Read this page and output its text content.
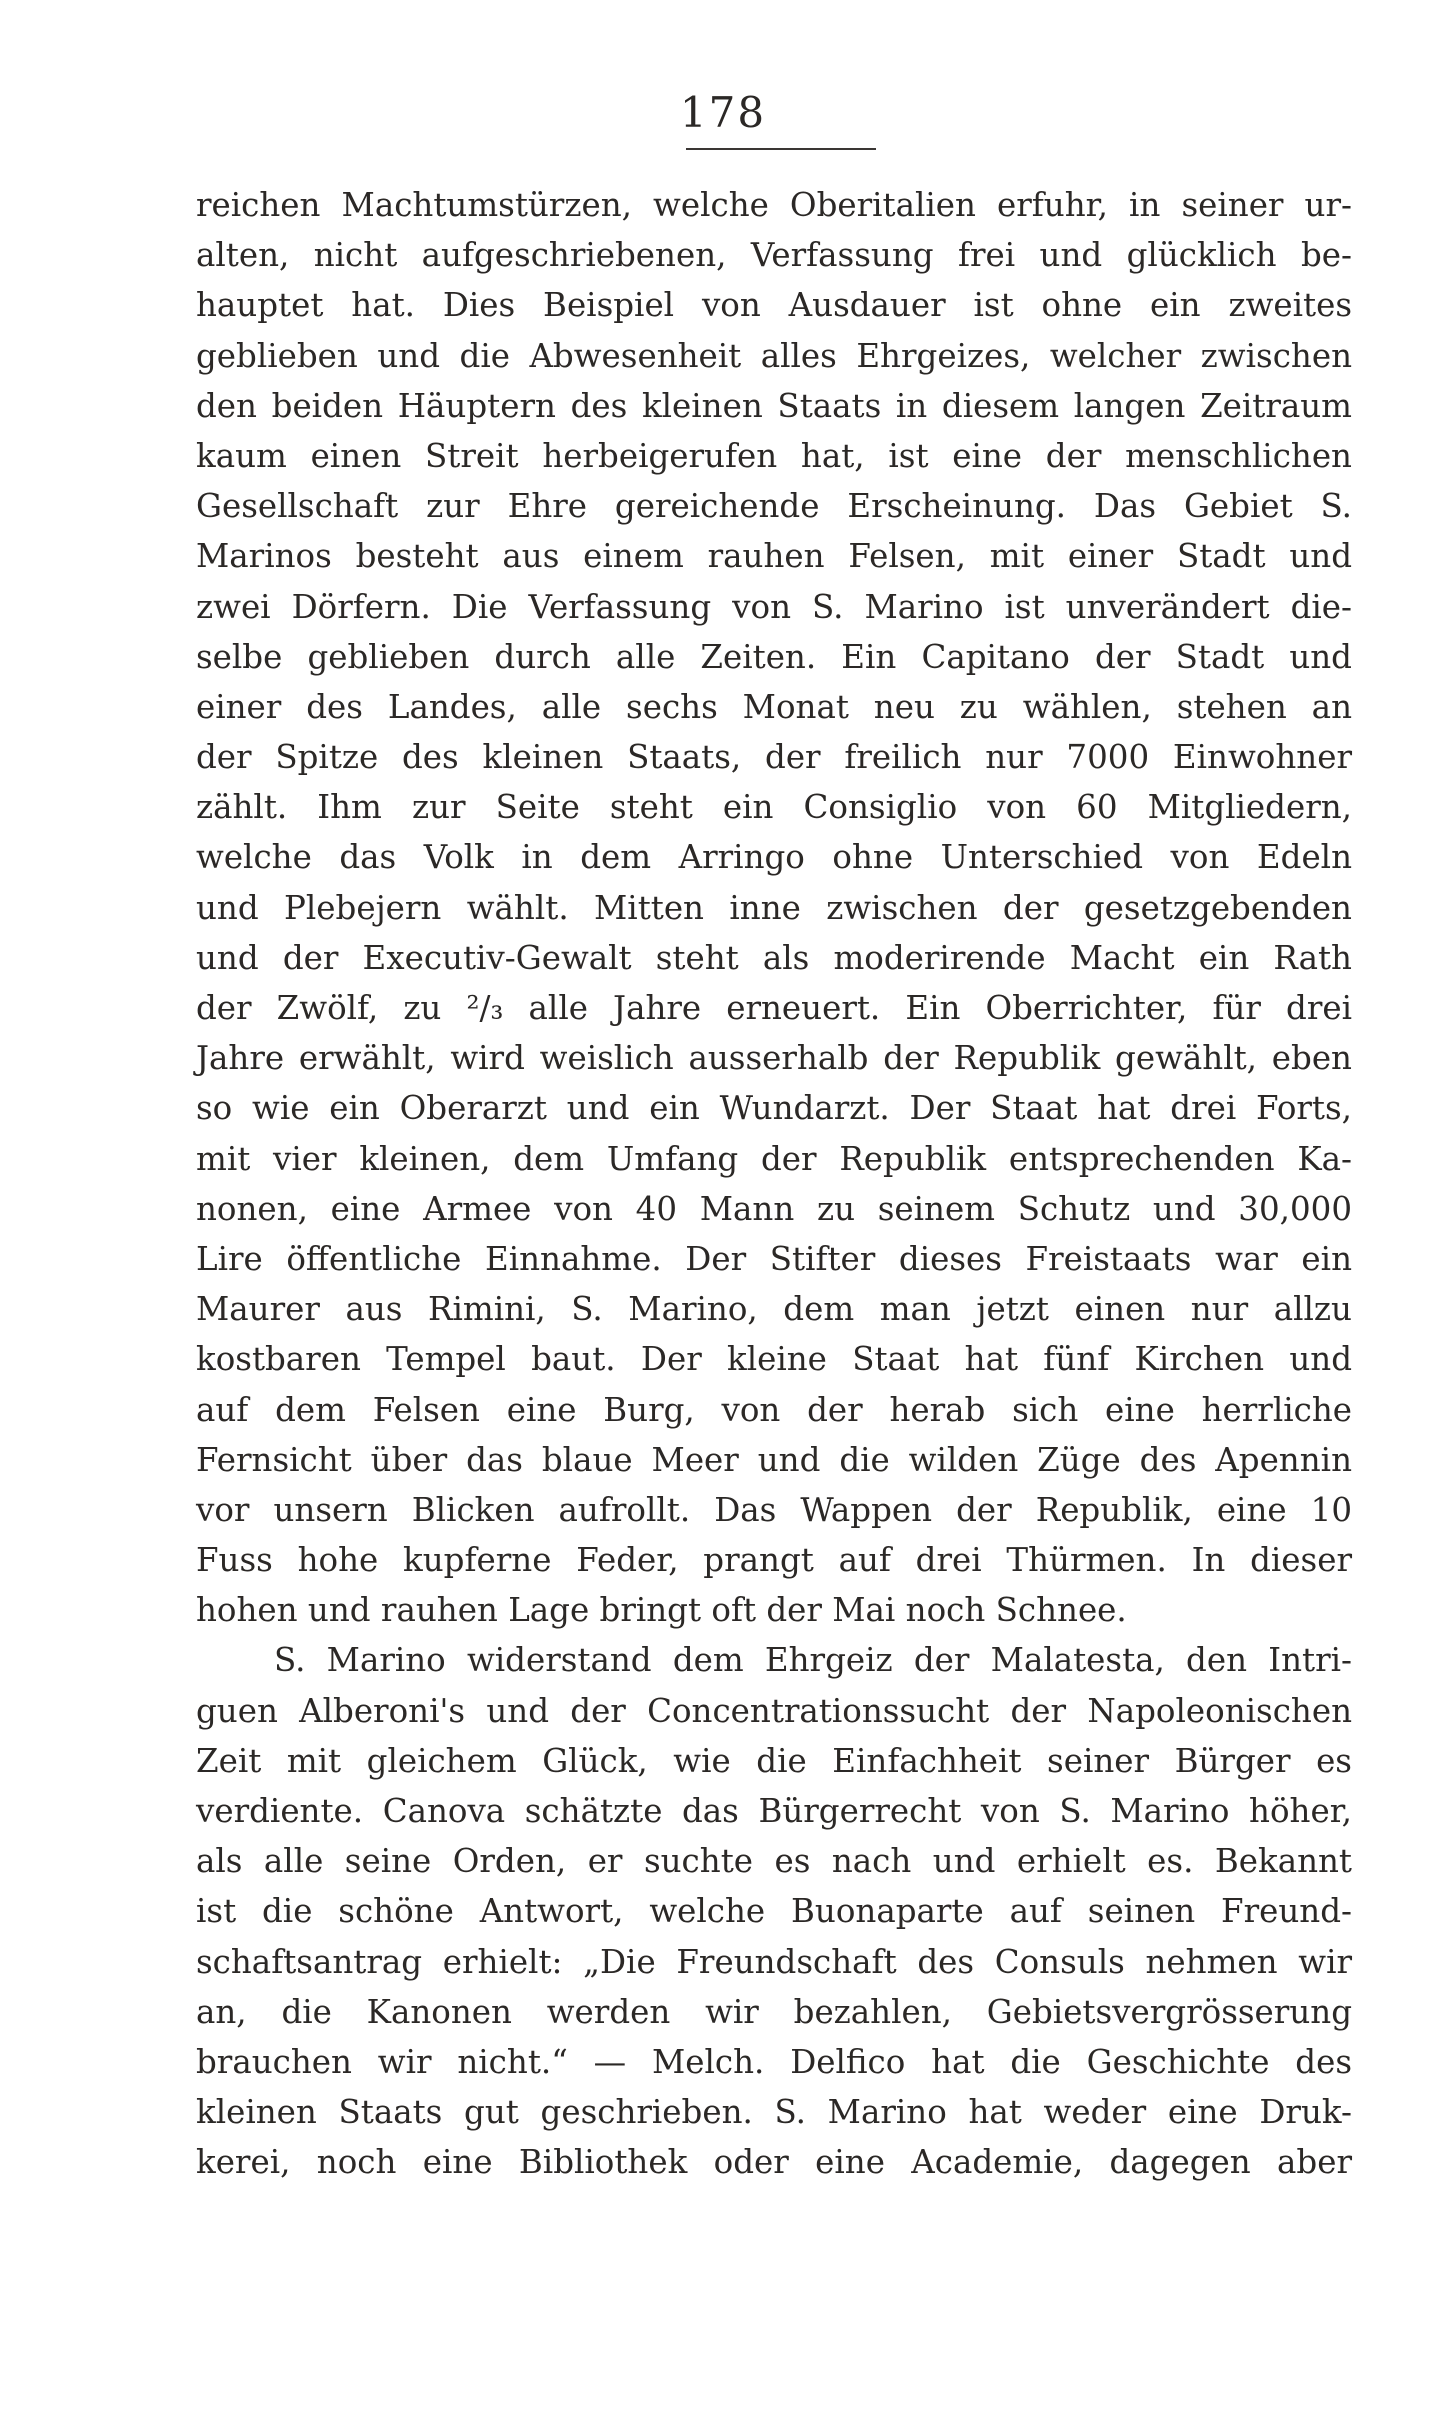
178
reichen Machtumstürzen, welche Oberitalien erfuhr, in seiner ur-
alten, nicht aufgeschriebenen, Verfassung frei und glücklich be-
hauptet hat. Dies Beispiel von Ausdauer ist ohne ein zweites
geblieben und die Abwesenheit alles Ehrgeizes, welcher zwischen
den beiden Häuptern des kleinen Staats in diesem langen Zeitraum
kaum einen Streit herbeigerufen hat, ist eine der menschlichen
Gesellschaft zur Ehre gereichende Erscheinung. Das Gebiet S.
Marinos besteht aus einem rauhen Felsen, mit einer Stadt und
zwei Dörfern. Die Verfassung von S. Marino ist unverändert die-
selbe geblieben durch alle Zeiten. Ein Capitano der Stadt und
einer des Landes, alle sechs Monat neu zu wählen, stehen an
der Spitze des kleinen Staats, der freilich nur 7000 Einwohner
zählt. Ihm zur Seite steht ein Consiglio von 60 Mitgliedern,
welche das Volk in dem Arringo ohne Unterschied von Edeln
und Plebejern wählt. Mitten inne zwischen der gesetzgebenden
und der Executiv-Gewalt steht als moderirende Macht ein Rath
der Zwölf, zu ²/₃ alle Jahre erneuert. Ein Oberrichter, für drei
Jahre erwählt, wird weislich ausserhalb der Republik gewählt, eben
so wie ein Oberarzt und ein Wundarzt. Der Staat hat drei Forts,
mit vier kleinen, dem Umfang der Republik entsprechenden Ka-
nonen, eine Armee von 40 Mann zu seinem Schutz und 30,000
Lire öffentliche Einnahme. Der Stifter dieses Freistaats war ein
Maurer aus Rimini, S. Marino, dem man jetzt einen nur allzu
kostbaren Tempel baut. Der kleine Staat hat fünf Kirchen und
auf dem Felsen eine Burg, von der herab sich eine herrliche
Fernsicht über das blaue Meer und die wilden Züge des Apennin
vor unsern Blicken aufrollt. Das Wappen der Republik, eine 10
Fuss hohe kupferne Feder, prangt auf drei Thürmen. In dieser
hohen und rauhen Lage bringt oft der Mai noch Schnee.
S. Marino widerstand dem Ehrgeiz der Malatesta, den Intri-
guen Alberoni's und der Concentrationssucht der Napoleonischen
Zeit mit gleichem Glück, wie die Einfachheit seiner Bürger es
verdiente. Canova schätzte das Bürgerrecht von S. Marino höher,
als alle seine Orden, er suchte es nach und erhielt es. Bekannt
ist die schöne Antwort, welche Buonaparte auf seinen Freund-
schaftsantrag erhielt: „Die Freundschaft des Consuls nehmen wir
an, die Kanonen werden wir bezahlen, Gebietsvergrösserung
brauchen wir nicht.“ — Melch. Delfico hat die Geschichte des
kleinen Staats gut geschrieben. S. Marino hat weder eine Druk-
kerei, noch eine Bibliothek oder eine Academie, dagegen aber
